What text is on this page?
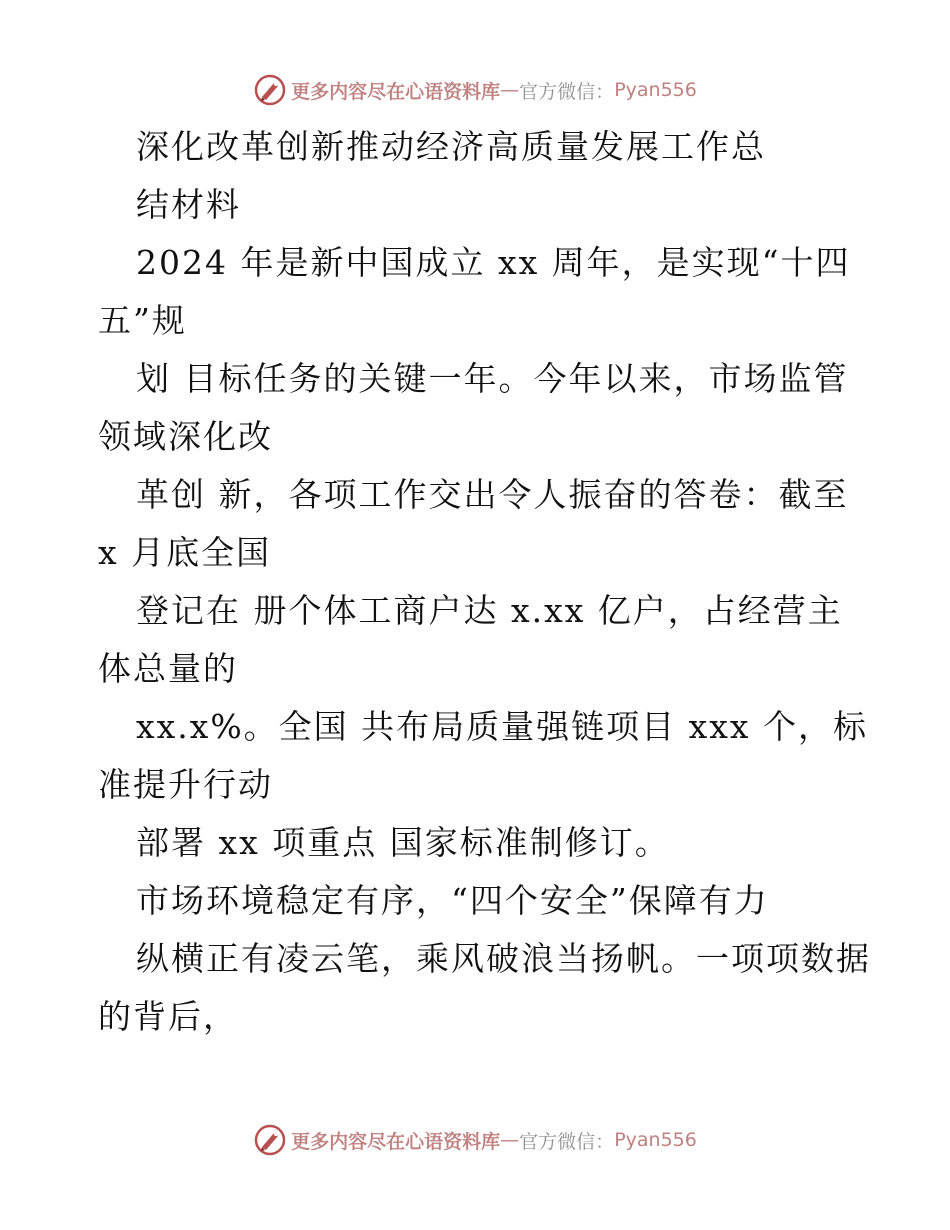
更多内容尽在心语资料库 — 官方微信： Pyan556
深化改革创新推动经济高质量发展工作总
结材料
2024 年是新中国成立 xx 周年，是实现“十四
五”规
划 目标任务的关键一年。今年以来，市场监管
领域深化改
革创 新，各项工作交出令人振奋的答卷：截至
x 月底全国
登记在 册个体工商户达 x.xx 亿户，占经营主
体总量的
xx.x%。全国 共布局质量强链项目 xxx 个，标
准提升行动
部署 xx 项重点 国家标准制修订。
市场环境稳定有序，“四个安全”保障有力
纵横正有凌云笔，乘风破浪当扬帆。一项项数据
的背后，
更多内容尽在心语资料库 — 官方微信： Pyan556
